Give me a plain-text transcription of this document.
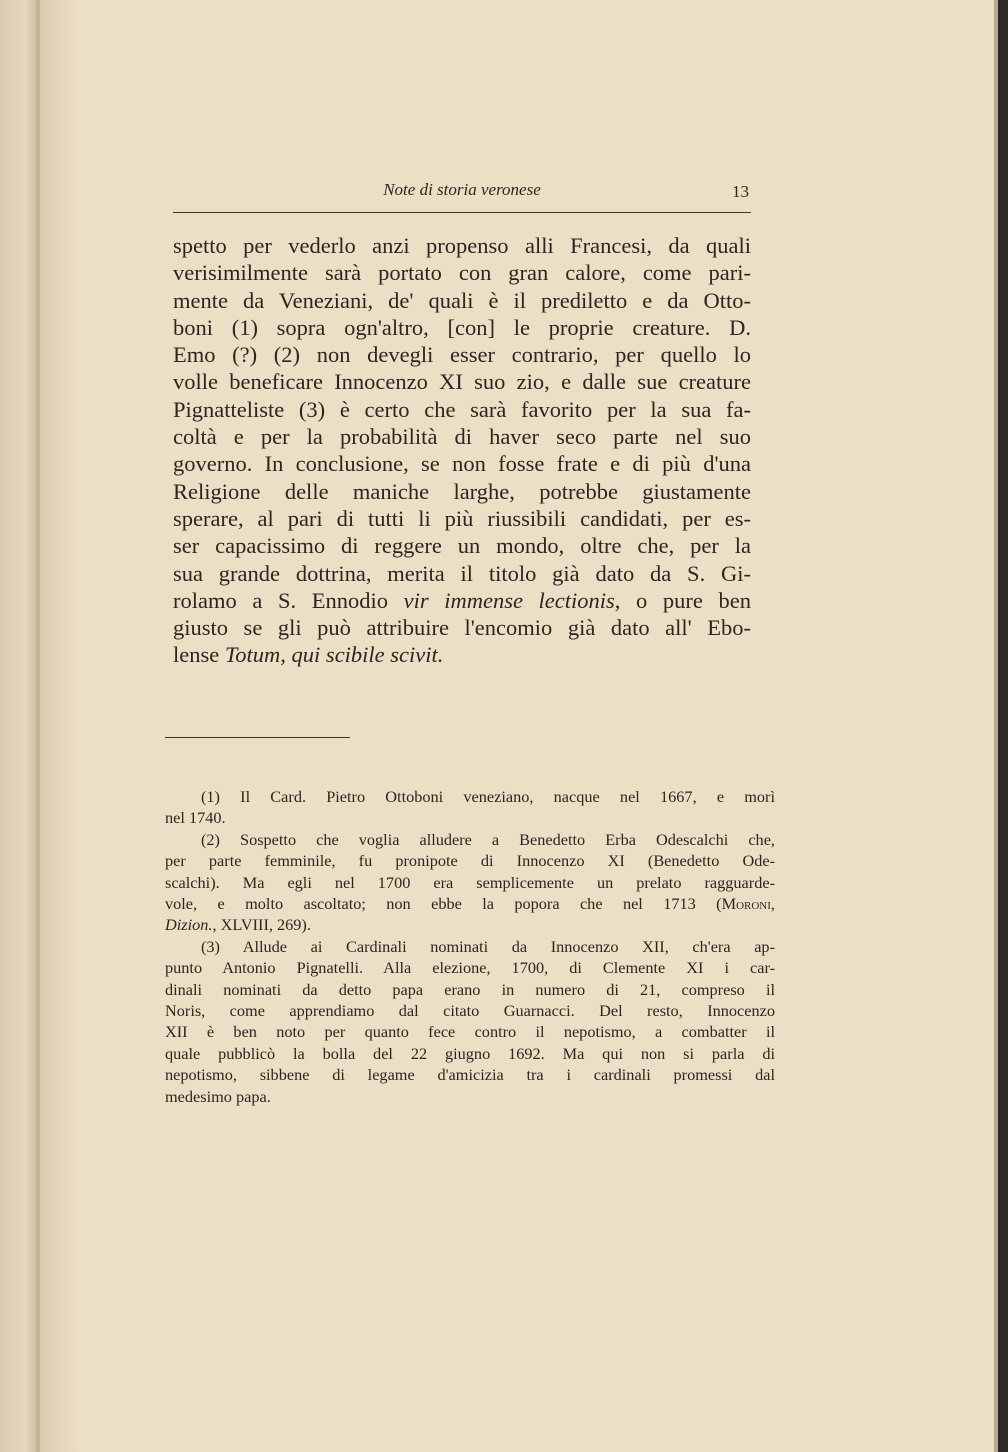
Note di storia veronese	13
spetto per vederlo anzi propenso alli Francesi, da quali
verisimilmente sarà portato con gran calore, come pari-
mente da Veneziani, de' quali è il prediletto e da Otto-
boni (1) sopra ogn'altro, [con] le proprie creature. D.
Emo (?) (2) non devegli esser contrario, per quello lo
volle beneficare Innocenzo XI suo zio, e dalle sue creature
Pignatteliste (3) è certo che sarà favorito per la sua fa-
coltà e per la probabilità di haver seco parte nel suo
governo. In conclusione, se non fosse frate e di più d'una
Religione delle maniche larghe, potrebbe giustamente
sperare, al pari di tutti li più riussibili candidati, per es-
ser capacissimo di reggere un mondo, oltre che, per la
sua grande dottrina, merita il titolo già dato da S. Gi-
rolamo a S. Ennodio vir immense lectionis, o pure ben
giusto se gli può attribuire l'encomio già dato all' Ebo-
lense Totum, qui scibile scivit.
(1) Il Card. Pietro Ottoboni veneziano, nacque nel 1667, e morì
nel 1740.
(2) Sospetto che voglia alludere a Benedetto Erba Odescalchi che,
per parte femminile, fu pronipote di Innocenzo XI (Benedetto Ode-
scalchi). Ma egli nel 1700 era semplicemente un prelato ragguarde-
vole, e molto ascoltato; non ebbe la popora che nel 1713 (Moroni,
Dizion., XLVIII, 269).
(3) Allude ai Cardinali nominati da Innocenzo XII, ch'era ap-
punto Antonio Pignatelli. Alla elezione, 1700, di Clemente XI i car-
dinali nominati da detto papa erano in numero di 21, compreso il
Noris, come apprendiamo dal citato Guarnacci. Del resto, Innocenzo
XII è ben noto per quanto fece contro il nepotismo, a combatter il
quale pubblicò la bolla del 22 giugno 1692. Ma qui non si parla di
nepotismo, sibbene di legame d'amicizia tra i cardinali promessi dal
medesimo papa.
